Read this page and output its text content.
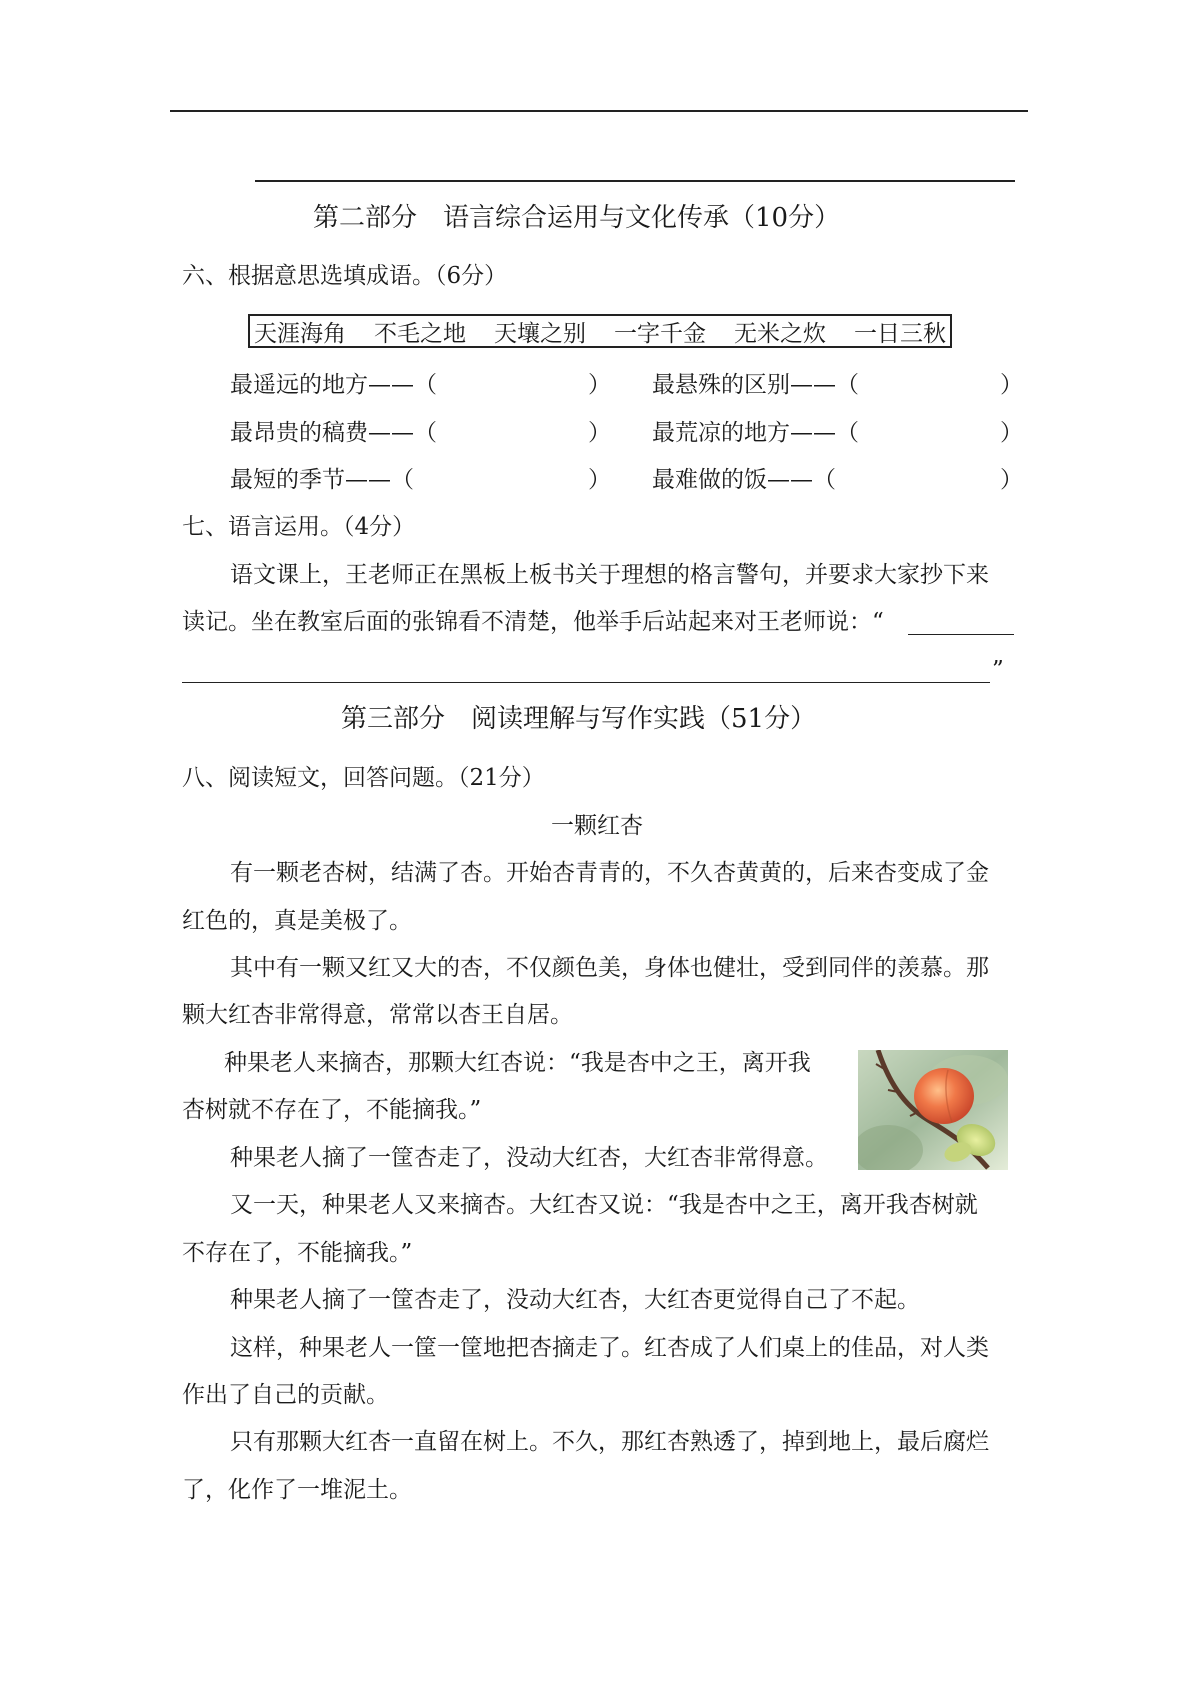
第二部分　语言综合运用与文化传承（10分）
六、根据意思选填成语。（6分）
天涯海角 不毛之地 天壤之别 一字千金 无米之炊 一日三秋
最遥远的地方——（	） 最悬殊的区别——（	）
最昂贵的稿费——（	） 最荒凉的地方——（	）
最短的季节——（	） 最难做的饭——（	）
七、语言运用。（4分）
语文课上，王老师正在黑板上板书关于理想的格言警句，并要求大家抄下来
读记。坐在教室后面的张锦看不清楚，他举手后站起来对王老师说：“
”
第三部分　阅读理解与写作实践（51分）
八、阅读短文，回答问题。（21分）
一颗红杏
有一颗老杏树，结满了杏。开始杏青青的，不久杏黄黄的，后来杏变成了金
红色的，真是美极了。
其中有一颗又红又大的杏，不仅颜色美，身体也健壮，受到同伴的羡慕。那
颗大红杏非常得意，常常以杏王自居。
种果老人来摘杏，那颗大红杏说：“我是杏中之王，离开我
杏树就不存在了，不能摘我。”
种果老人摘了一筐杏走了，没动大红杏，大红杏非常得意。
又一天，种果老人又来摘杏。大红杏又说：“我是杏中之王，离开我杏树就
不存在了，不能摘我。”
种果老人摘了一筐杏走了，没动大红杏，大红杏更觉得自己了不起。
这样，种果老人一筐一筐地把杏摘走了。红杏成了人们桌上的佳品，对人类
作出了自己的贡献。
只有那颗大红杏一直留在树上。不久，那红杏熟透了，掉到地上，最后腐烂
了，化作了一堆泥土。
